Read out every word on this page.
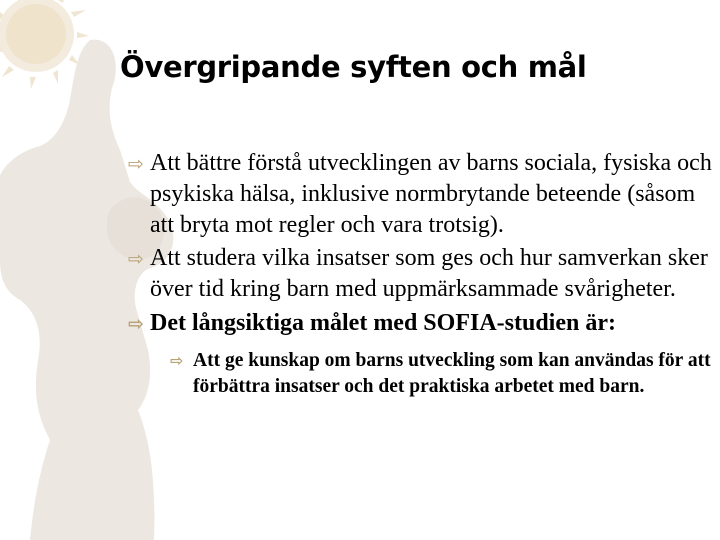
Övergripande syften och mål
⇨ Att bättre förstå utvecklingen av barns sociala, fysiska och psykiska hälsa, inklusive normbrytande beteende (såsom att bryta mot regler och vara trotsig).
⇨ Att studera vilka insatser som ges och hur samverkan sker över tid kring barn med uppmärksammade svårigheter.
⇨ Det långsiktiga målet med SOFIA-studien är:
⇨ Att ge kunskap om barns utveckling som kan användas för att förbättra insatser och det praktiska arbetet med barn.
